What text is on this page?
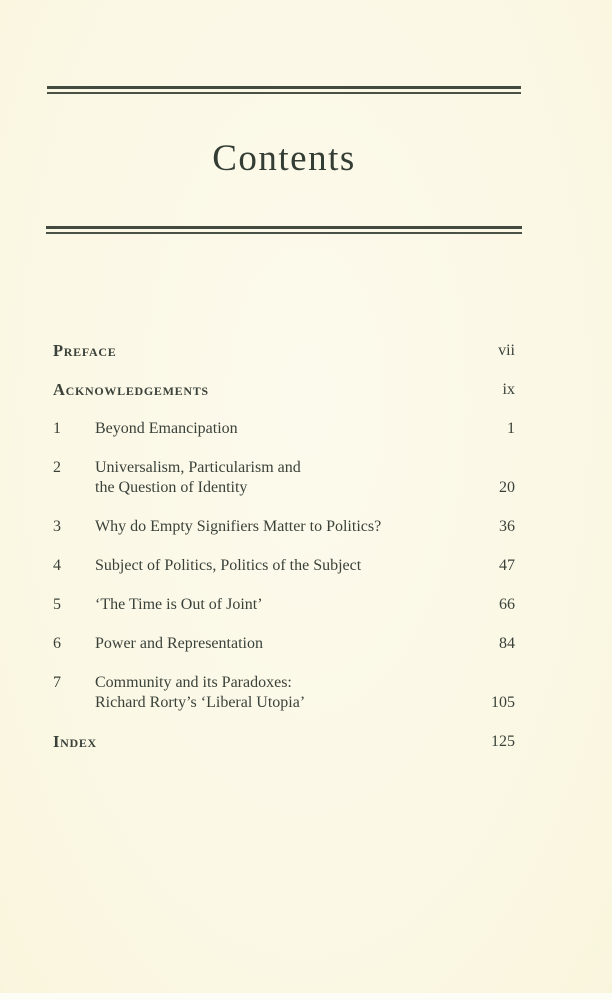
Contents
Preface	vii
Acknowledgements	ix
1	Beyond Emancipation	1
2	Universalism, Particularism and
the Question of Identity	20
3	Why do Empty Signifiers Matter to Politics?	36
4	Subject of Politics, Politics of the Subject	47
5	‘The Time is Out of Joint’	66
6	Power and Representation	84
7	Community and its Paradoxes:
Richard Rorty’s ‘Liberal Utopia’	105
Index	125
